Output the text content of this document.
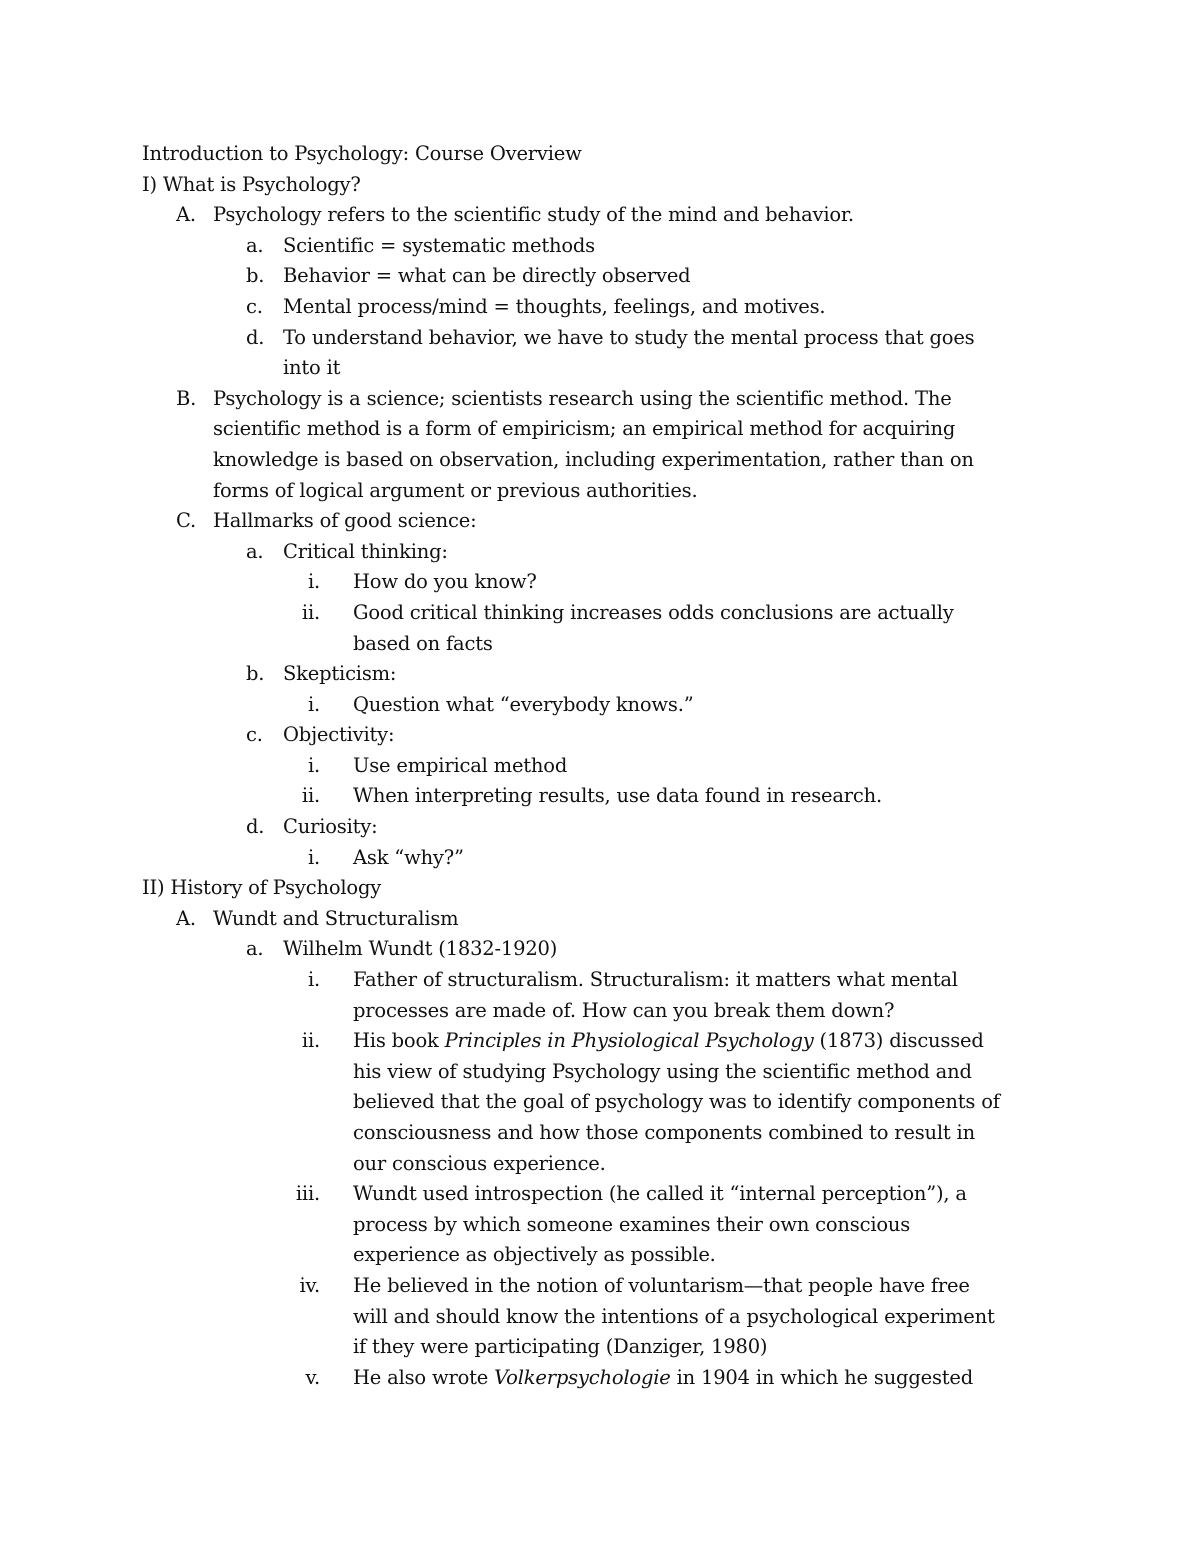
Introduction to Psychology: Course Overview
I) What is Psychology?
A. Psychology refers to the scientific study of the mind and behavior.
a.	Scientific = systematic methods
b. Behavior = what can be directly observed
c.	Mental process/mind = thoughts, feelings, and motives.
d. To understand behavior, we have to study the mental process that goes
into it
B. Psychology is a science; scientists research using the scientific method. The
scientific method is a form of empiricism; an empirical method for acquiring
knowledge is based on observation, including experimentation, rather than on
forms of logical argument or previous authorities.
C. Hallmarks of good science:
a.	Critical thinking:
i. How do you know?
ii. Good critical thinking increases odds conclusions are actually
based on facts
b. Skepticism:
i. Question what “everybody knows.”
c.	Objectivity:
i. Use empirical method
ii. When interpreting results, use data found in research.
d. Curiosity:
i. Ask “why?”
II) History of Psychology
A. Wundt and Structuralism
a.	Wilhelm Wundt (1832-1920)
i. Father of structuralism. Structuralism: it matters what mental
processes are made of. How can you break them down?
ii. His book Principles in Physiological Psychology (1873) discussed
his view of studying Psychology using the scientific method and
believed that the goal of psychology was to identify components of
consciousness and how those components combined to result in
our conscious experience.
iii. Wundt used introspection (he called it “internal perception”), a
process by which someone examines their own conscious
experience as objectively as possible.
iv. He believed in the notion of voluntarism—that people have free
will and should know the intentions of a psychological experiment
if they were participating (Danziger, 1980)
v. He also wrote Volkerpsychologie in 1904 in which he suggested
